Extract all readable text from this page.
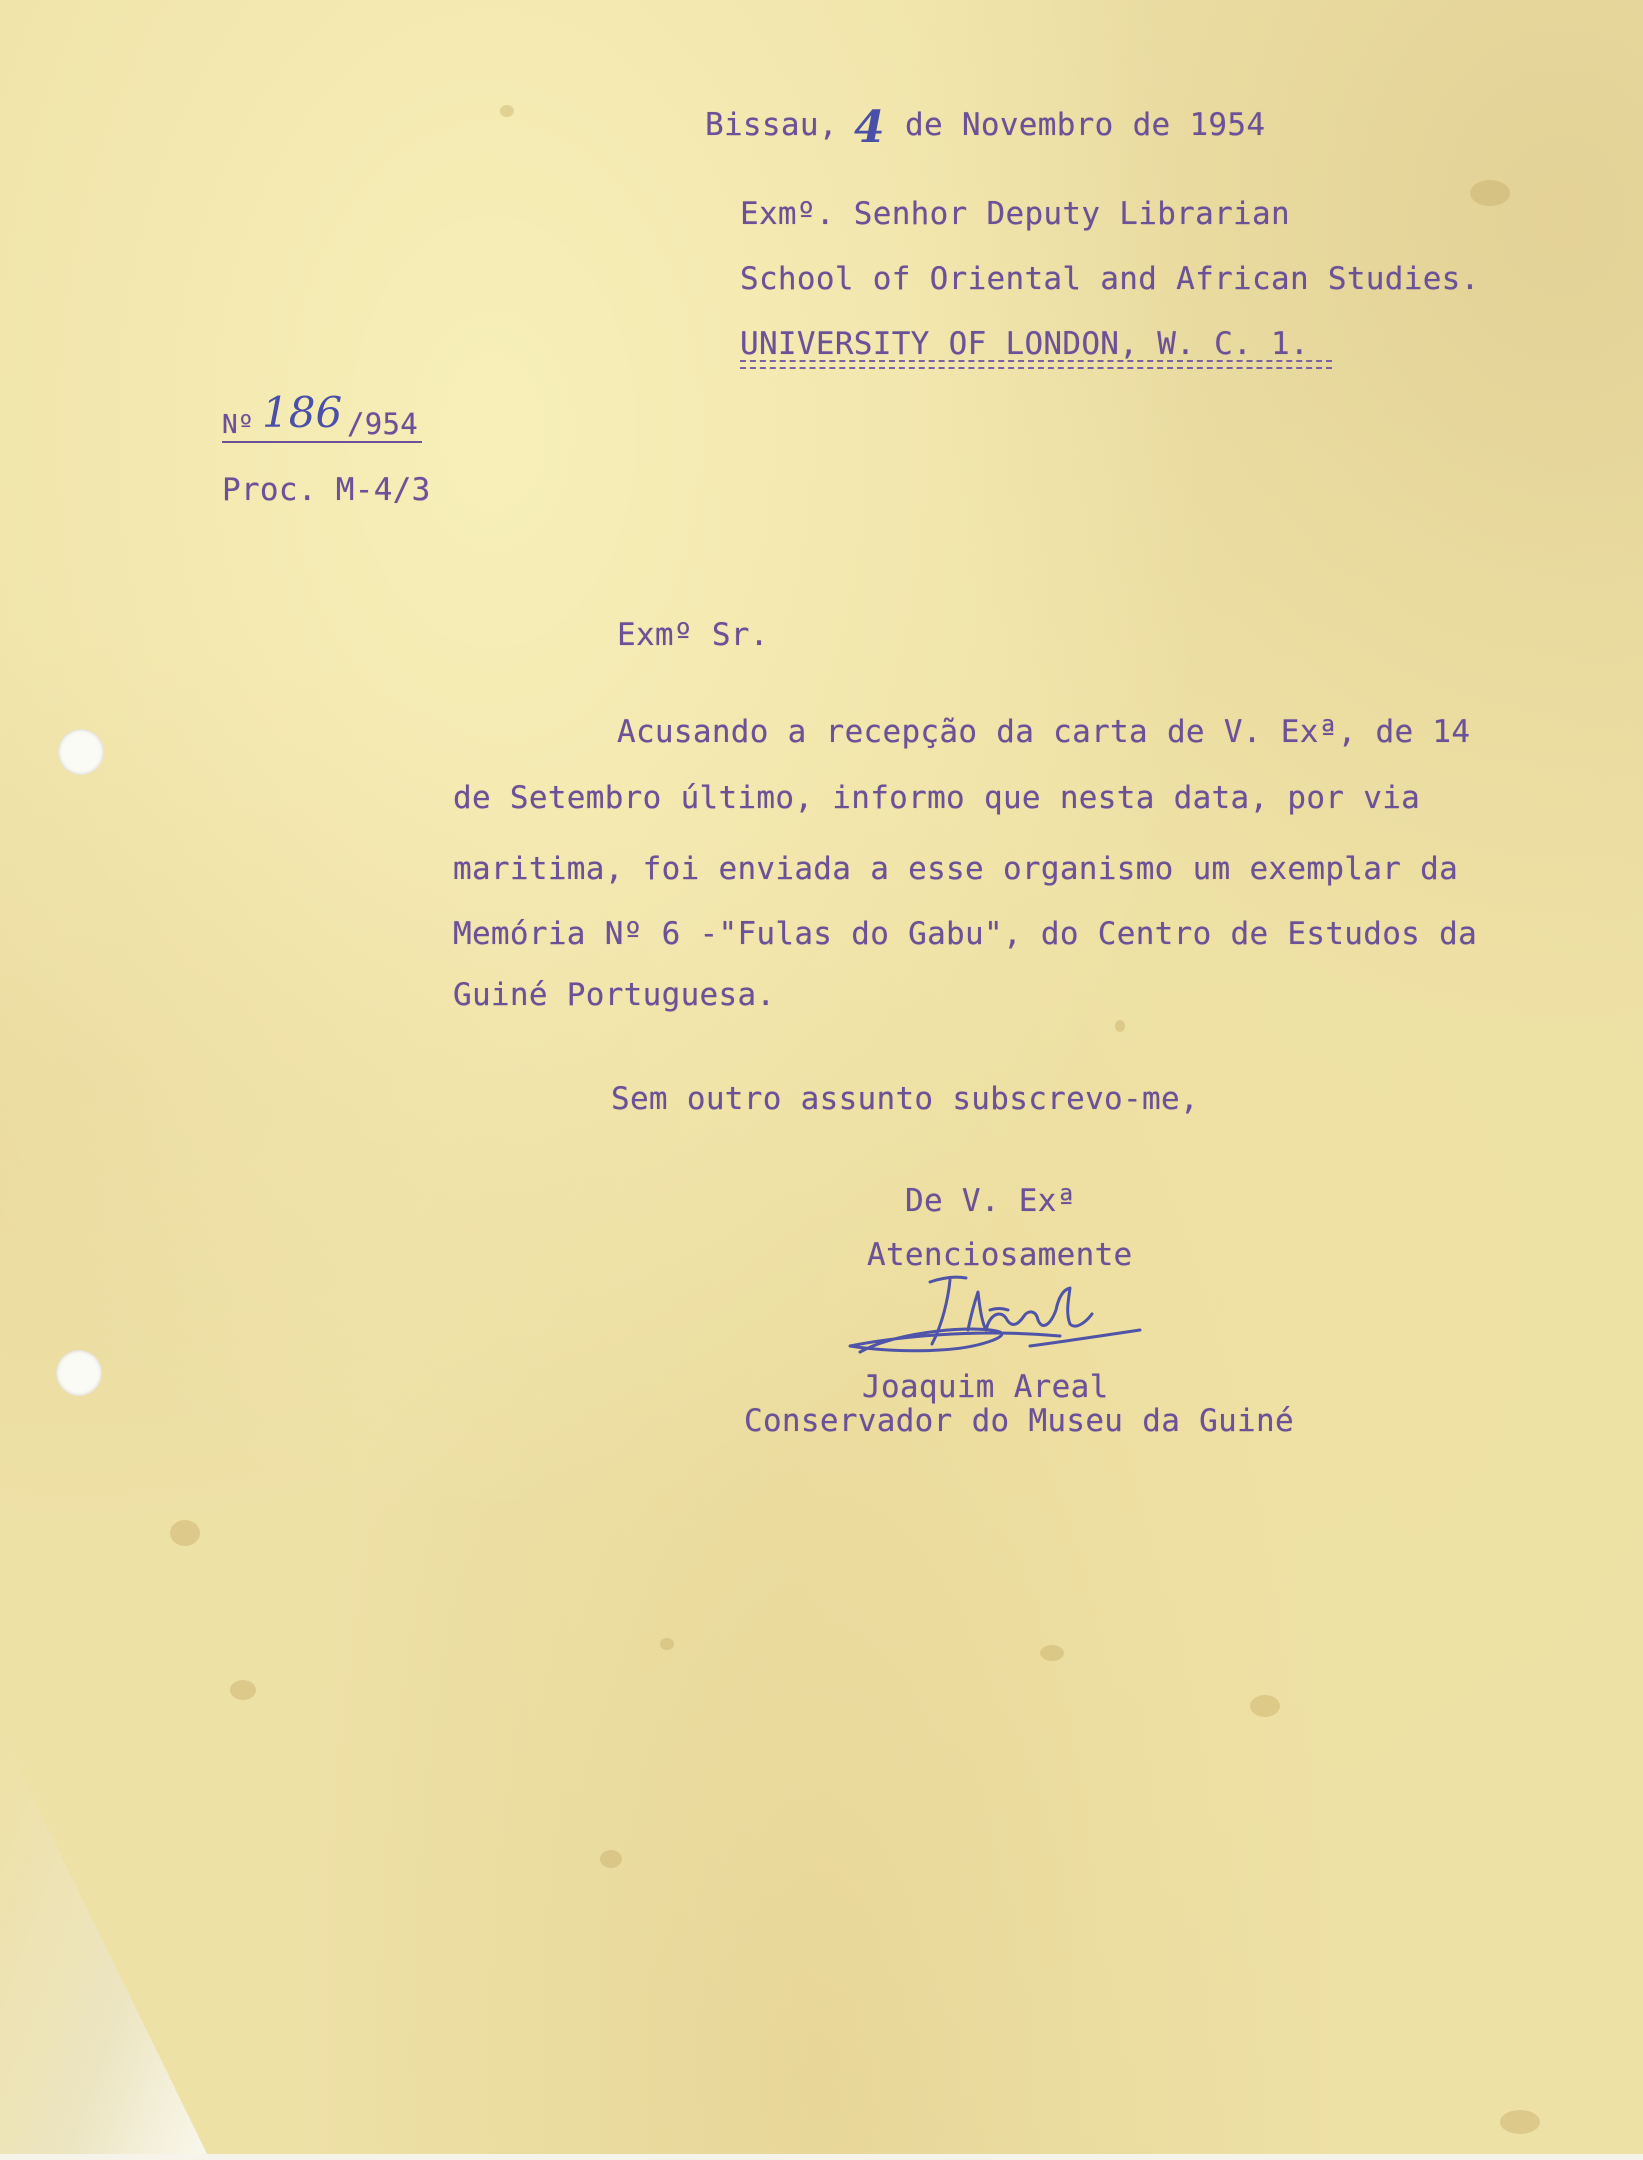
Bissau, 4 de Novembro de 1954
Exmº. Senhor Deputy Librarian
School of Oriental and African Studies.
UNIVERSITY OF LONDON, W. C. 1.
Nº 186 /954
Proc. M-4/3
Exmº Sr.
Acusando a recepção da carta de V. Exª, de 14
de Setembro último, informo que nesta data, por via
maritima, foi enviada a esse organismo um exemplar da
Memória Nº 6 -"Fulas do Gabu", do Centro de Estudos da
Guiné Portuguesa.
Sem outro assunto subscrevo-me,
De V. Exª
Atenciosamente
Joaquim Areal
Conservador do Museu da Guiné
